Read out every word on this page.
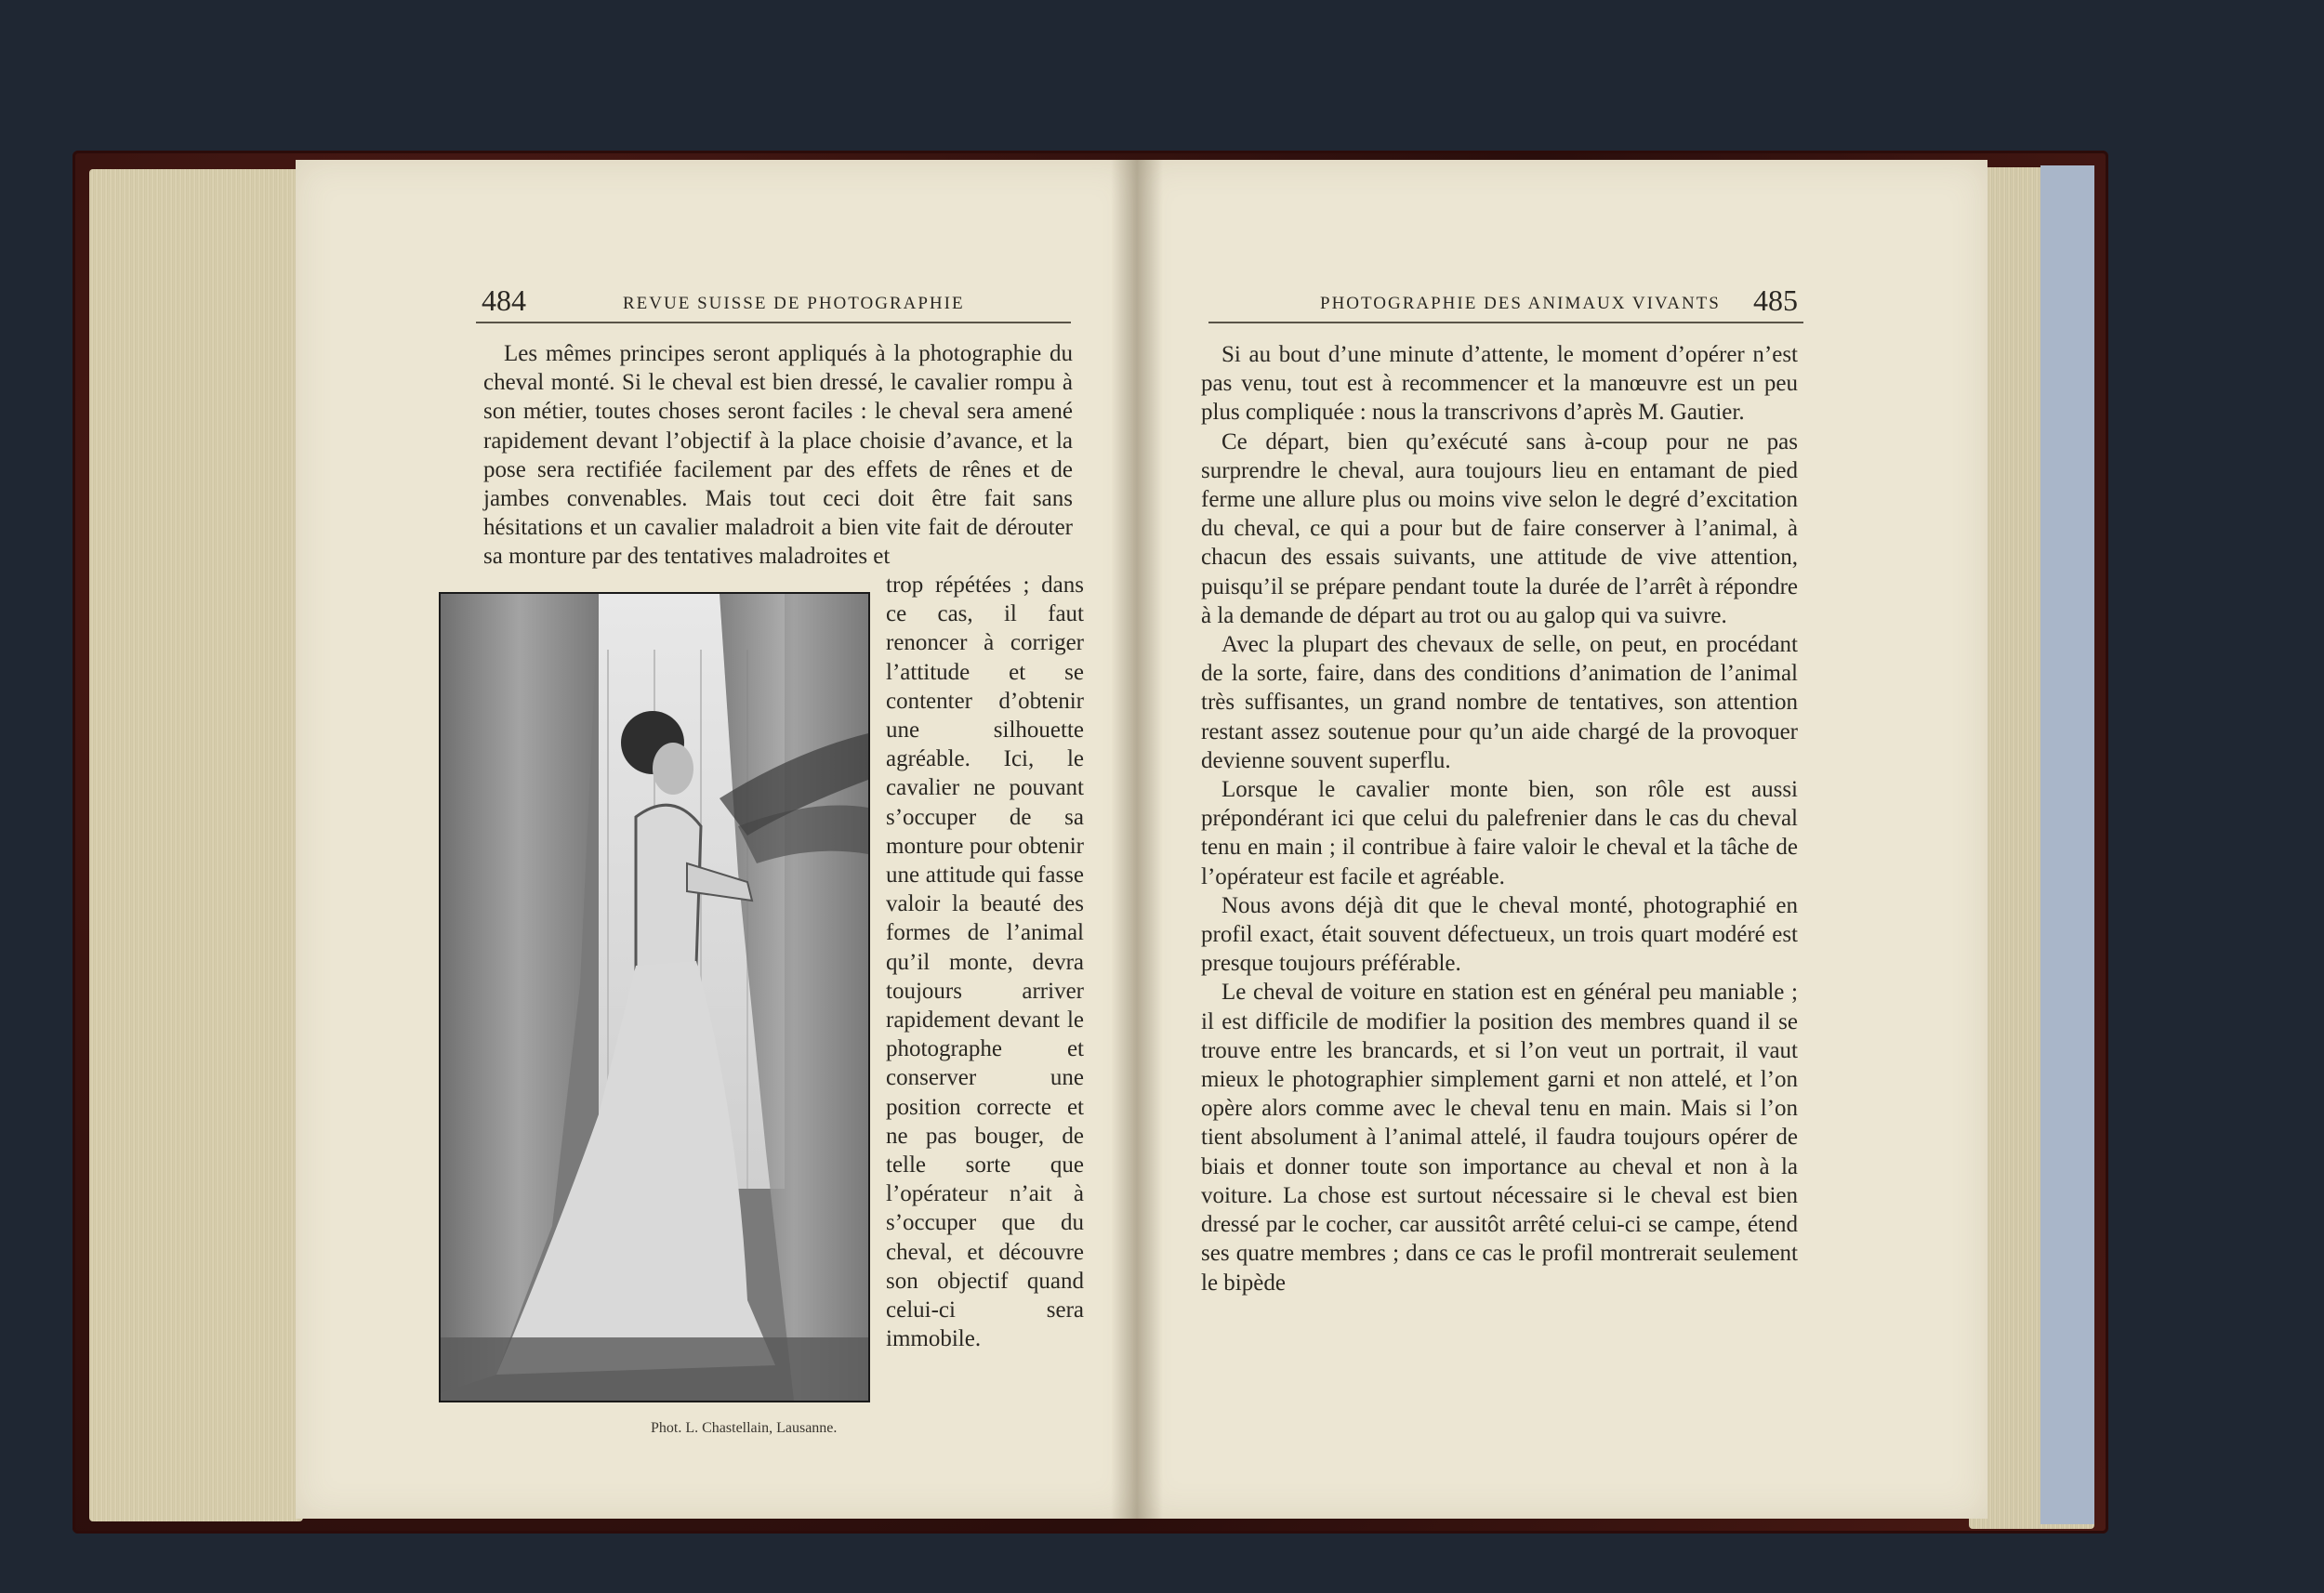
484	REVUE SUISSE DE PHOTOGRAPHIE	PHOTOGRAPHIE DES ANIMAUX VIVANTS 485

Les mêmes principes seront appliqués à la photographie du cheval monté. Si le cheval est bien dressé, le cavalier rompu à son métier, toutes choses seront faciles : le cheval sera amené rapidement devant l’objectif à la place choisie d’avance, et la pose sera rectifiée facilement par des effets de rênes et de jambes convenables. Mais tout ceci doit être fait sans hésitations et un cavalier maladroit a bien vite fait de dérouter sa monture par des tentatives maladroites et

trop répétées ; dans ce cas, il faut renoncer à corriger l’attitude et se contenter d’obtenir une silhouette agréable. Ici, le cavalier ne pouvant s’occuper de sa monture pour obtenir une attitude qui fasse valoir la beauté des formes de l’animal qu’il monte, devra toujours arriver rapidement devant le photographe et conserver une position correcte et ne pas bouger, de telle sorte que l’opérateur n’ait à s’occuper que du cheval, et découvre son objectif quand celui-ci sera immobile.

Phot. L. Chastellain, Lausanne.

Si au bout d’une minute d’attente, le moment d’opérer n’est pas venu, tout est à recommencer et la manœuvre est un peu plus compliquée : nous la transcrivons d’après M. Gautier.

Ce départ, bien qu’exécuté sans à-coup pour ne pas surprendre le cheval, aura toujours lieu en entamant de pied ferme une allure plus ou moins vive selon le degré d’excitation du cheval, ce qui a pour but de faire conserver à l’animal, à chacun des essais suivants, une attitude de vive attention, puisqu’il se prépare pendant toute la durée de l’arrêt à répondre à la demande de départ au trot ou au galop qui va suivre.

Avec la plupart des chevaux de selle, on peut, en procédant de la sorte, faire, dans des conditions d’animation de l’animal très suffisantes, un grand nombre de tentatives, son attention restant assez soutenue pour qu’un aide chargé de la provoquer devienne souvent superflu.

Lorsque le cavalier monte bien, son rôle est aussi prépondérant ici que celui du palefrenier dans le cas du cheval tenu en main ; il contribue à faire valoir le cheval et la tâche de l’opérateur est facile et agréable.

Nous avons déjà dit que le cheval monté, photographié en profil exact, était souvent défectueux, un trois quart modéré est presque toujours préférable.

Le cheval de voiture en station est en général peu maniable ; il est difficile de modifier la position des membres quand il se trouve entre les brancards, et si l’on veut un portrait, il vaut mieux le photographier simplement garni et non attelé, et l’on opère alors comme avec le cheval tenu en main. Mais si l’on tient absolument à l’animal attelé, il faudra toujours opérer de biais et donner toute son importance au cheval et non à la voiture. La chose est surtout nécessaire si le cheval est bien dressé par le cocher, car aussitôt arrêté celui-ci se campe, étend ses quatre membres ; dans ce cas le profil montrerait seulement le bipède
